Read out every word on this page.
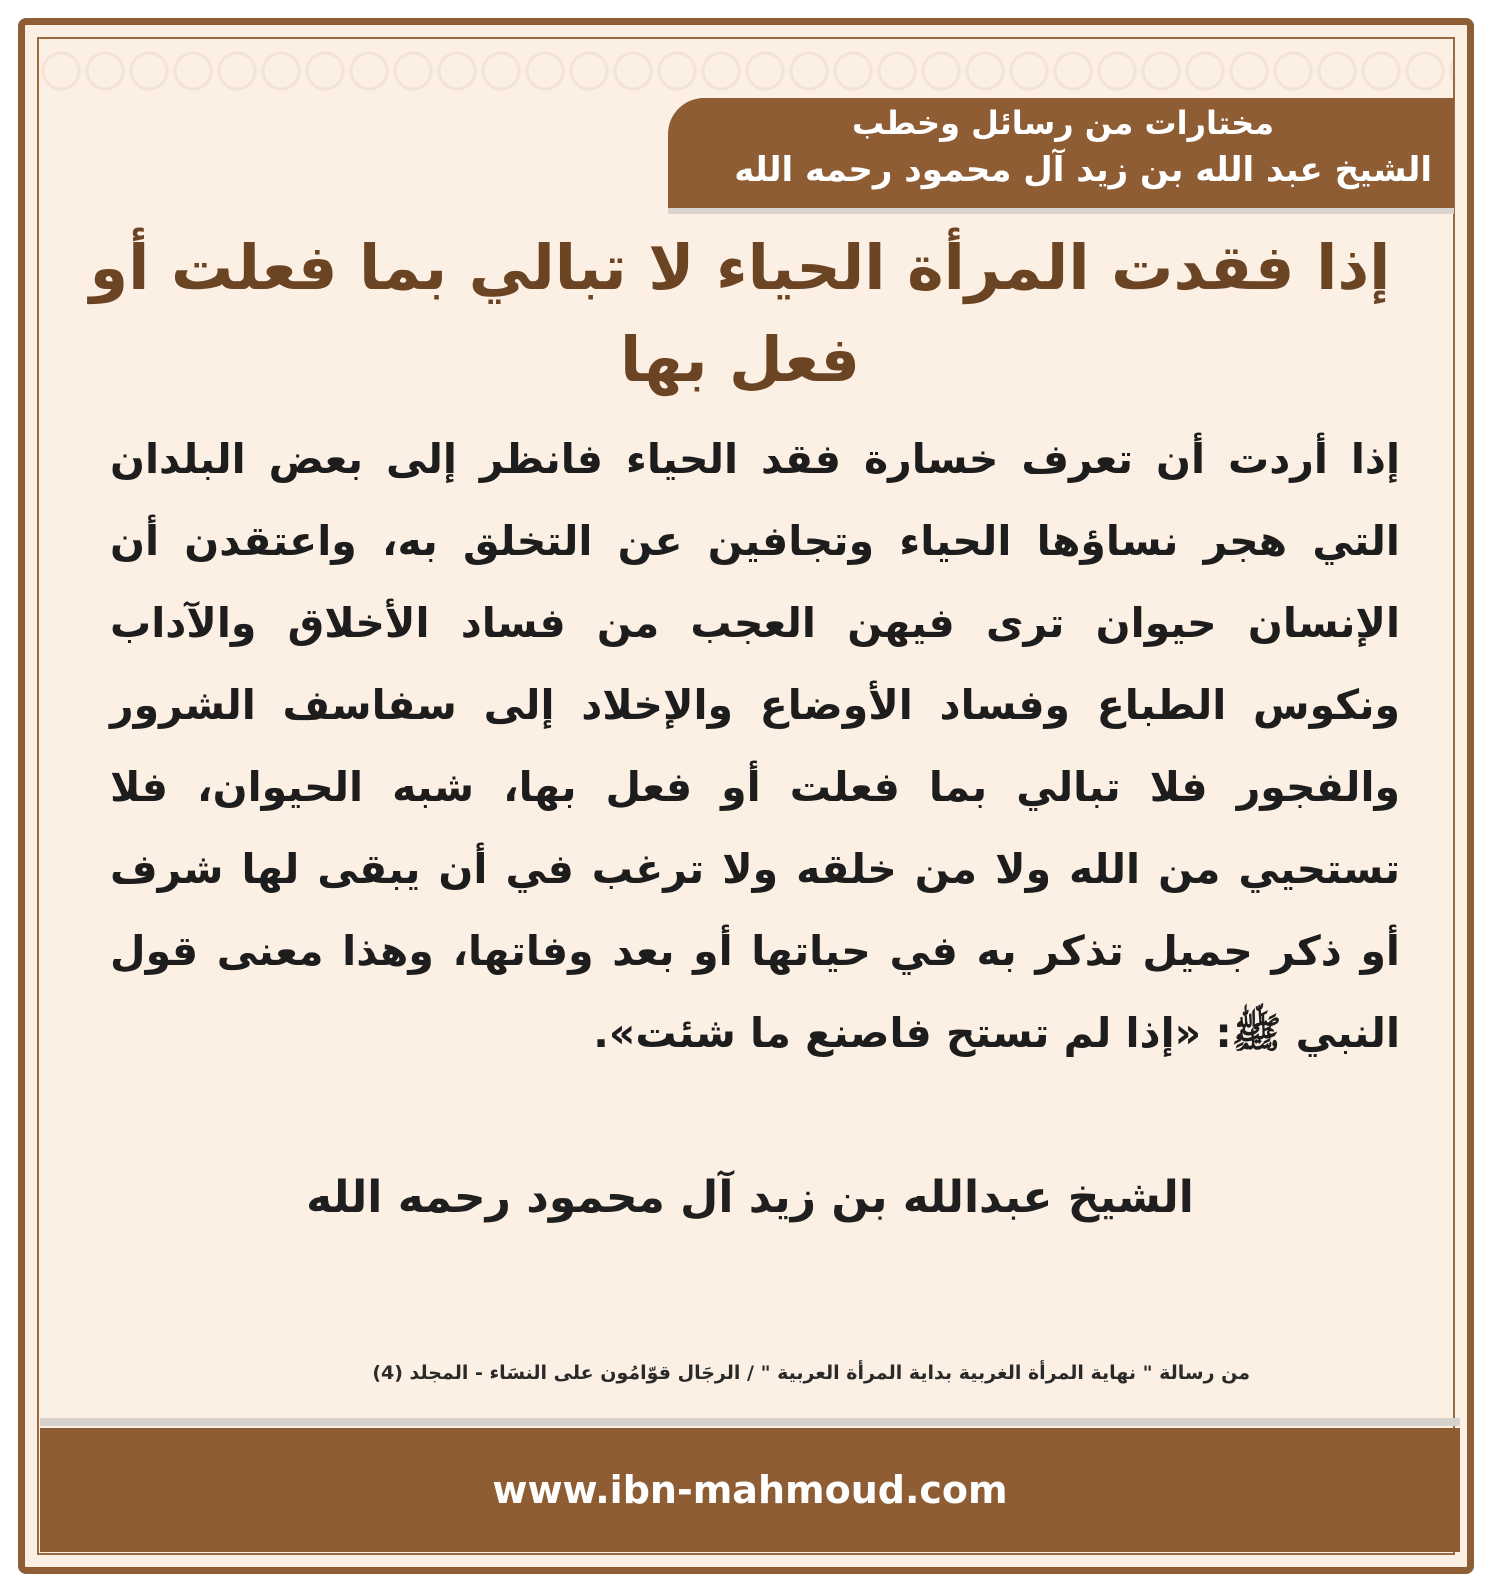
مختارات من رسائل وخطب
الشيخ عبد الله بن زيد آل محمود رحمه الله
إذا فقدت المرأة الحياء لا تبالي بما فعلت أو فعل بها
إذا أردت أن تعرف خسارة فقد الحياء فانظر إلى بعض البلدان التي هجر نساؤها الحياء وتجافين عن التخلق به، واعتقدن أن الإنسان حيوان ترى فيهن العجب من فساد الأخلاق والآداب ونكوس الطباع وفساد الأوضاع والإخلاد إلى سفاسف الشرور والفجور فلا تبالي بما فعلت أو فعل بها، شبه الحيوان، فلا تستحيي من الله ولا من خلقه ولا ترغب في أن يبقى لها شرف أو ذكر جميل تذكر به في حياتها أو بعد وفاتها، وهذا معنى قول النبي ﷺ: «إذا لم تستح فاصنع ما شئت».
الشيخ عبدالله بن زيد آل محمود رحمه الله
من رسالة " نهاية المرأة الغربية بداية المرأة العربية " / الرجَال قوّامُون على النسَاء - المجلد (4)
www.ibn-mahmoud.com
